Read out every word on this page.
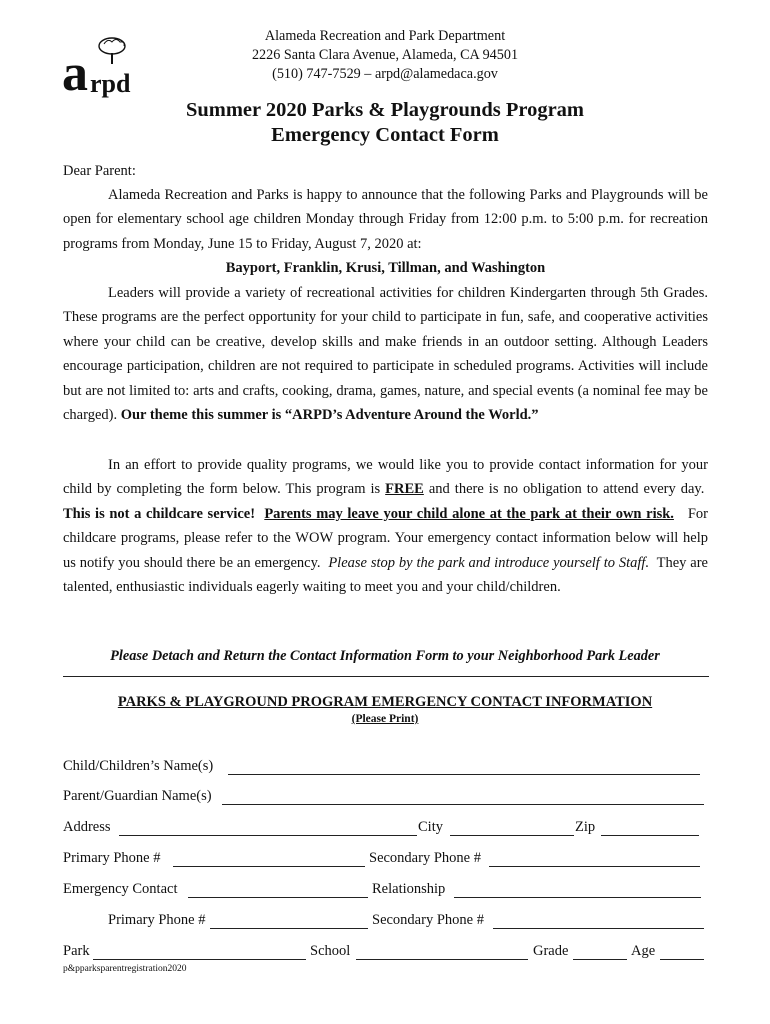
a rpd
Alameda Recreation and Park Department
2226 Santa Clara Avenue, Alameda, CA 94501
(510) 747-7529 – arpd@alamedaca.gov
Summer 2020 Parks & Playgrounds Program
Emergency Contact Form
Dear Parent:

Alameda Recreation and Parks is happy to announce that the following Parks and Playgrounds will be open for elementary school age children Monday through Friday from 12:00 p.m. to 5:00 p.m. for recreation programs from Monday, June 15 to Friday, August 7, 2020 at:

Bayport, Franklin, Krusi, Tillman, and Washington

Leaders will provide a variety of recreational activities for children Kindergarten through 5th Grades. These programs are the perfect opportunity for your child to participate in fun, safe, and cooperative activities where your child can be creative, develop skills and make friends in an outdoor setting. Although Leaders encourage participation, children are not required to participate in scheduled programs. Activities will include but are not limited to: arts and crafts, cooking, drama, games, nature, and special events (a nominal fee may be charged). Our theme this summer is “ARPD’s Adventure Around the World.”

In an effort to provide quality programs, we would like you to provide contact information for your child by completing the form below. This program is FREE and there is no obligation to attend every day.  This is not a childcare service! Parents may leave your child alone at the park at their own risk. For childcare programs, please refer to the WOW program. Your emergency contact information below will help us notify you should there be an emergency. Please stop by the park and introduce yourself to Staff. They are talented, enthusiastic individuals eagerly waiting to meet you and your child/children.

Please Detach and Return the Contact Information Form to your Neighborhood Park Leader
PARKS & PLAYGROUND PROGRAM EMERGENCY CONTACT INFORMATION
(Please Print)
Child/Children’s Name(s)
Parent/Guardian Name(s)
Address	City	Zip
Primary Phone #	Secondary Phone #
Emergency Contact	Relationship
Primary Phone #	Secondary Phone #
Park	School	Grade	Age
p&pparksparentregistration2020
